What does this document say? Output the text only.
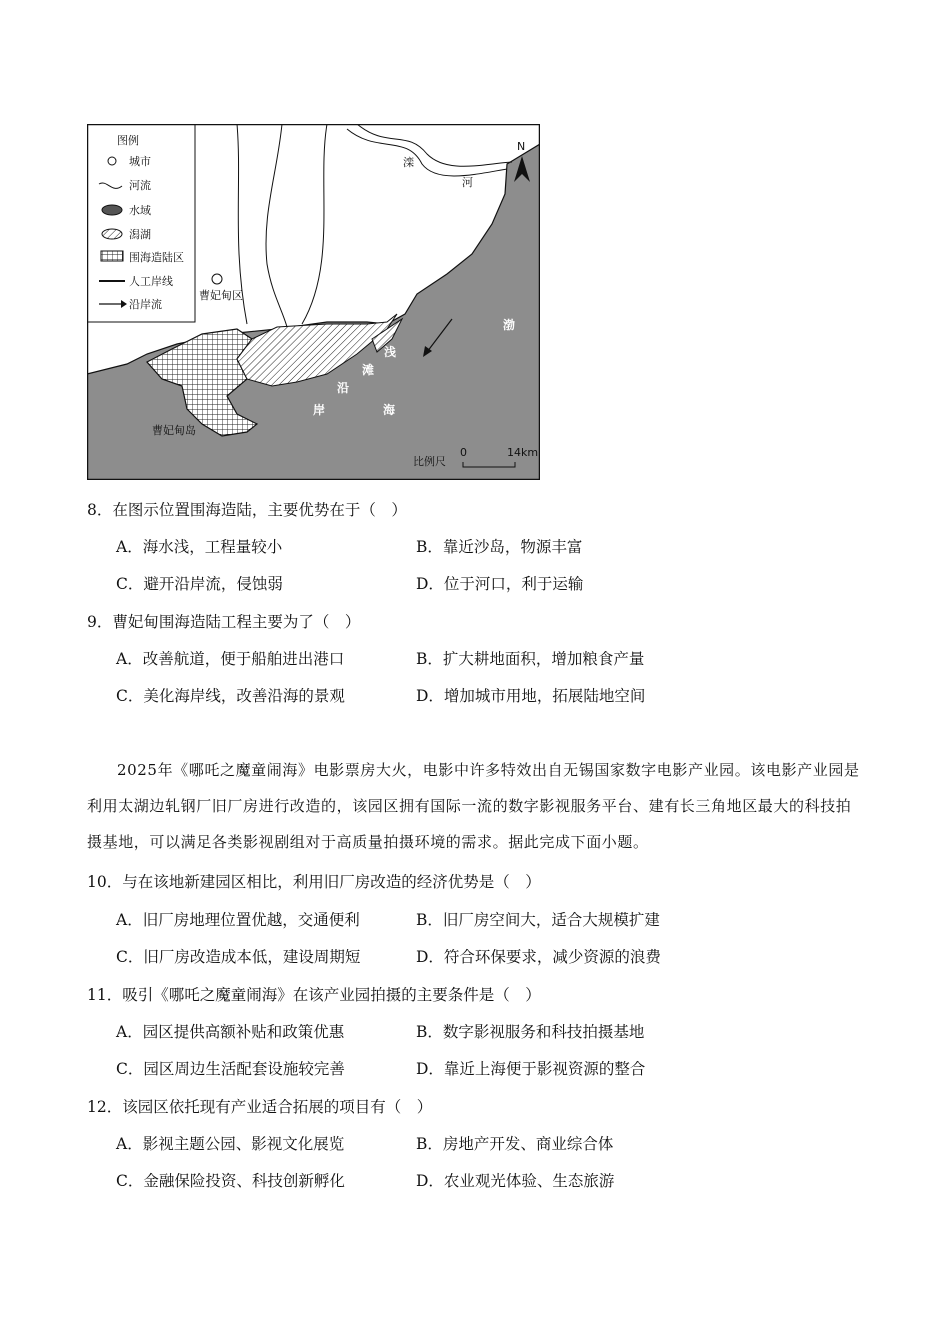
图例
城市
河流
水域
潟湖
围海造陆区
人工岸线
沿岸流
曹妃甸区
曹妃甸岛
滦
河
渤
浅
滩
沿
岸	海
N
比例尺
0	14km
8．在图示位置围海造陆，主要优势在于（　）
A．海水浅，工程量较小	B．靠近沙岛，物源丰富
C．避开沿岸流，侵蚀弱	D．位于河口，利于运输
9．曹妃甸围海造陆工程主要为了（　）
A．改善航道，便于船舶进出港口	B．扩大耕地面积，增加粮食产量
C．美化海岸线，改善沿海的景观	D．增加城市用地，拓展陆地空间
2025年《哪吒之魔童闹海》电影票房大火，电影中许多特效出自无锡国家数字电影产业园。该电影产业园是利用太湖边轧钢厂旧厂房进行改造的，该园区拥有国际一流的数字影视服务平台、建有长三角地区最大的科技拍摄基地，可以满足各类影视剧组对于高质量拍摄环境的需求。据此完成下面小题。
10．与在该地新建园区相比，利用旧厂房改造的经济优势是（　）
A．旧厂房地理位置优越，交通便利	B．旧厂房空间大，适合大规模扩建
C．旧厂房改造成本低，建设周期短	D．符合环保要求，减少资源的浪费
11．吸引《哪吒之魔童闹海》在该产业园拍摄的主要条件是（　）
A．园区提供高额补贴和政策优惠	B．数字影视服务和科技拍摄基地
C．园区周边生活配套设施较完善	D．靠近上海便于影视资源的整合
12．该园区依托现有产业适合拓展的项目有（　）
A．影视主题公园、影视文化展览	B．房地产开发、商业综合体
C．金融保险投资、科技创新孵化	D．农业观光体验、生态旅游
